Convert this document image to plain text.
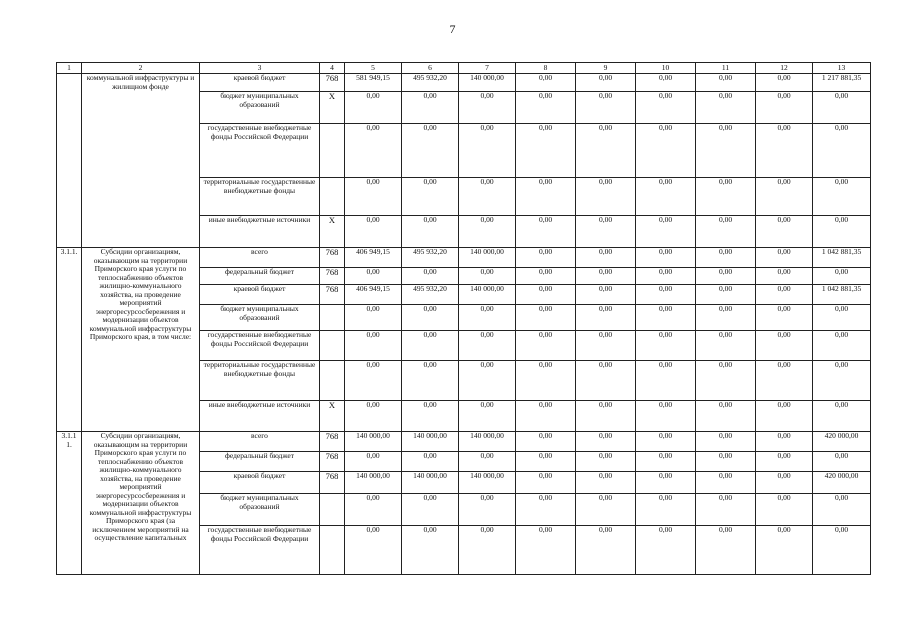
7
1	2	3	4	5	6	7	8	9	10	11	12	13
	коммунальной инфраструктуры и жилищном фонде	краевой бюджет	768	581 949,15	495 932,20	140 000,00	0,00	0,00	0,00	0,00	0,00	1 217 881,35
		бюджет муниципальных образований	Х	0,00	0,00	0,00	0,00	0,00	0,00	0,00	0,00	0,00
		государственные внебюджетные фонды Российской Федерации		0,00	0,00	0,00	0,00	0,00	0,00	0,00	0,00	0,00
		территориальные государственные внебюджетные фонды		0,00	0,00	0,00	0,00	0,00	0,00	0,00	0,00	0,00
		иные внебюджетные источники	Х	0,00	0,00	0,00	0,00	0,00	0,00	0,00	0,00	0,00
3.1.1.	Субсидии организациям, оказывающим на территории Приморского края услуги по теплоснабжению объектов жилищно-коммунального хозяйства, на проведение мероприятий энергоресурсосбережения и модернизации объектов коммунальной инфраструктуры Приморского края, в том числе:	всего	768	406 949,15	495 932,20	140 000,00	0,00	0,00	0,00	0,00	0,00	1 042 881,35
		федеральный бюджет	768	0,00	0,00	0,00	0,00	0,00	0,00	0,00	0,00	0,00
		краевой бюджет	768	406 949,15	495 932,20	140 000,00	0,00	0,00	0,00	0,00	0,00	1 042 881,35
		бюджет муниципальных образований		0,00	0,00	0,00	0,00	0,00	0,00	0,00	0,00	0,00
		государственные внебюджетные фонды Российской Федерации		0,00	0,00	0,00	0,00	0,00	0,00	0,00	0,00	0,00
		территориальные государственные внебюджетные фонды		0,00	0,00	0,00	0,00	0,00	0,00	0,00	0,00	0,00
		иные внебюджетные источники	Х	0,00	0,00	0,00	0,00	0,00	0,00	0,00	0,00	0,00
3.1.1 1.	Субсидии организациям, оказывающим на территории Приморского края услуги по теплоснабжению объектов жилищно-коммунального хозяйства, на проведение мероприятий энергоресурсосбережения и модернизации объектов коммунальной инфраструктуры Приморского края (за исключением мероприятий на осуществление капитальных	всего	768	140 000,00	140 000,00	140 000,00	0,00	0,00	0,00	0,00	0,00	420 000,00
		федеральный бюджет	768	0,00	0,00	0,00	0,00	0,00	0,00	0,00	0,00	0,00
		краевой бюджет	768	140 000,00	140 000,00	140 000,00	0,00	0,00	0,00	0,00	0,00	420 000,00
		бюджет муниципальных образований		0,00	0,00	0,00	0,00	0,00	0,00	0,00	0,00	0,00
		государственные внебюджетные фонды Российской Федерации		0,00	0,00	0,00	0,00	0,00	0,00	0,00	0,00	0,00
